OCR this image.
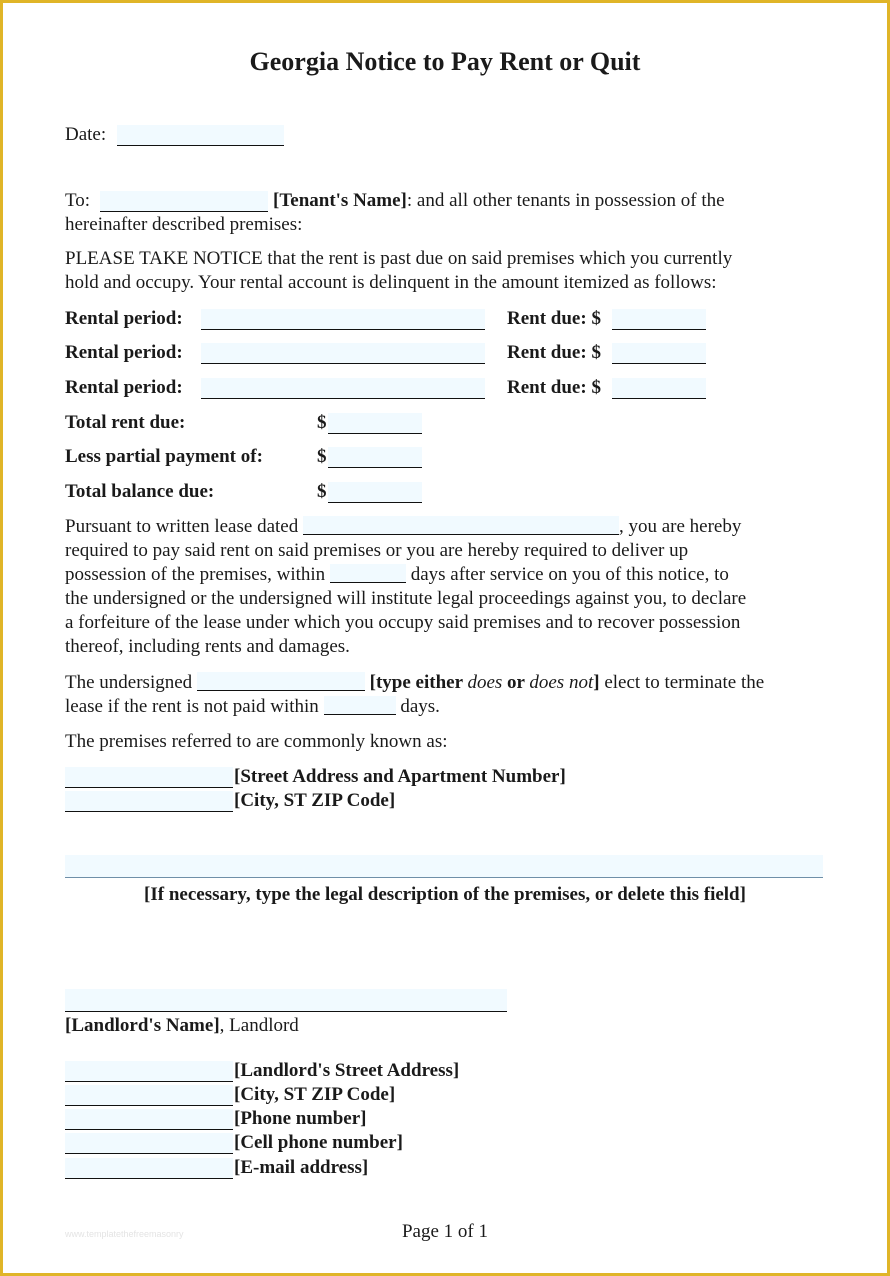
Georgia Notice to Pay Rent or Quit
Date:
To:	[Tenant's Name]: and all other tenants in possession of the
hereinafter described premises:
PLEASE TAKE NOTICE that the rent is past due on said premises which you currently
hold and occupy. Your rental account is delinquent in the amount itemized as follows:
Rental period:	Rent due: $
Rental period:	Rent due: $
Rental period:	Rent due: $
Total rent due:	$
Less partial payment of:	$
Total balance due:	$
Pursuant to written lease dated	, you are hereby
required to pay said rent on said premises or you are hereby required to deliver up
possession of the premises, within	days after service on you of this notice, to
the undersigned or the undersigned will institute legal proceedings against you, to declare
a forfeiture of the lease under which you occupy said premises and to recover possession
thereof, including rents and damages.
The undersigned	[type either does or does not] elect to terminate the
lease if the rent is not paid within	days.
The premises referred to are commonly known as:
[Street Address and Apartment Number]
[City, ST ZIP Code]
[If necessary, type the legal description of the premises, or delete this field]
[Landlord's Name], Landlord
[Landlord's Street Address]
[City, ST ZIP Code]
[Phone number]
[Cell phone number]
[E-mail address]
www.templatethefreemasonry	Page 1 of 1
